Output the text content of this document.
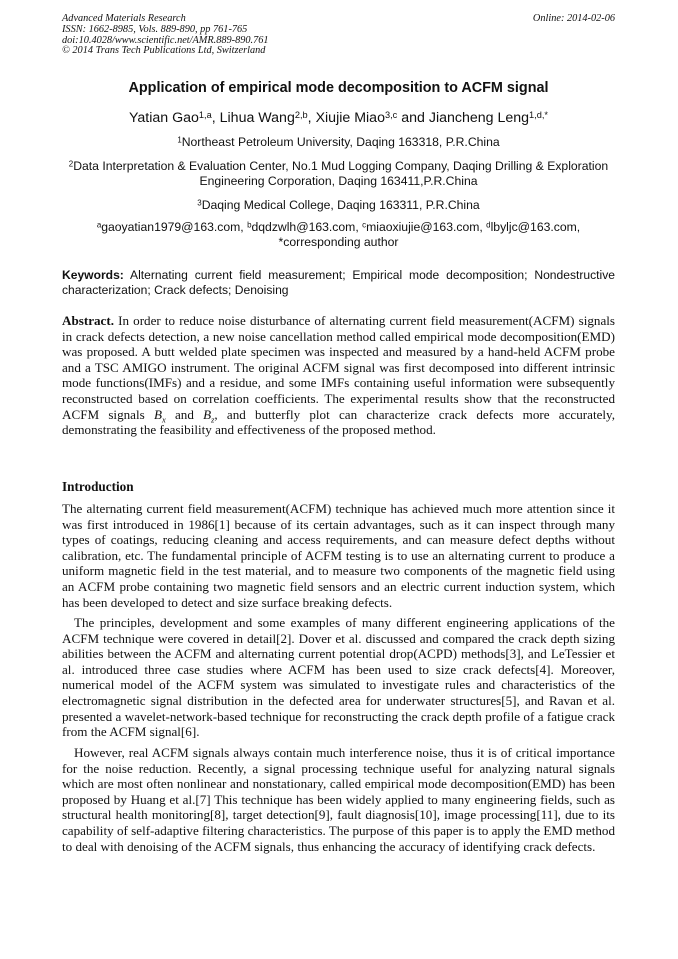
Advanced Materials Research
ISSN: 1662-8985, Vols. 889-890, pp 761-765
doi:10.4028/www.scientific.net/AMR.889-890.761
© 2014 Trans Tech Publications Ltd, Switzerland
Online: 2014-02-06
Application of empirical mode decomposition to ACFM signal
Yatian Gao$^{1,a}$, Lihua Wang$^{2,b}$, Xiujie Miao$^{3,c}$ and Jiancheng Leng$^{1,d,*}$
$^1$Northeast Petroleum University, Daqing 163318, P.R.China
$^2$Data Interpretation & Evaluation Center, No.1 Mud Logging Company, Daqing Drilling & Exploration
Engineering Corporation, Daqing 163411,P.R.China
$^3$Daqing Medical College, Daqing 163311, P.R.China
$^a$gaoyatian1979@163.com, $^b$dqdzwlh@163.com, $^c$miaoxiujie@163.com, $^d$lbyljc@163.com,
*corresponding author
Keywords: Alternating current field measurement; Empirical mode decomposition; Nondestructive characterization; Crack defects; Denoising
Abstract. In order to reduce noise disturbance of alternating current field measurement(ACFM) signals in crack defects detection, a new noise cancellation method called empirical mode decomposition(EMD) was proposed. A butt welded plate specimen was inspected and measured by a hand-held ACFM probe and a TSC AMIGO instrument. The original ACFM signal was first decomposed into different intrinsic mode functions(IMFs) and a residue, and some IMFs containing useful information were subsequently reconstructed based on correlation coefficients. The experimental results show that the reconstructed ACFM signals $B_x$ and $B_z$, and butterfly plot can characterize crack defects more accurately, demonstrating the feasibility and effectiveness of the proposed method.
Introduction
The alternating current field measurement(ACFM) technique has achieved much more attention since it was first introduced in 1986[1] because of its certain advantages, such as it can inspect through many types of coatings, reducing cleaning and access requirements, and can measure defect depths without calibration, etc. The fundamental principle of ACFM testing is to use an alternating current to produce a uniform magnetic field in the test material, and to measure two components of the magnetic field using an ACFM probe containing two magnetic field sensors and an electric current induction system, which has been developed to detect and size surface breaking defects.
The principles, development and some examples of many different engineering applications of the ACFM technique were covered in detail[2]. Dover et al. discussed and compared the crack depth sizing abilities between the ACFM and alternating current potential drop(ACPD) methods[3], and LeTessier et al. introduced three case studies where ACFM has been used to size crack defects[4]. Moreover, numerical model of the ACFM system was simulated to investigate rules and characteristics of the electromagnetic signal distribution in the defected area for underwater structures[5], and Ravan et al. presented a wavelet-network-based technique for reconstructing the crack depth profile of a fatigue crack from the ACFM signal[6].
However, real ACFM signals always contain much interference noise, thus it is of critical importance for the noise reduction. Recently, a signal processing technique useful for analyzing natural signals which are most often nonlinear and nonstationary, called empirical mode decomposition(EMD) has been proposed by Huang et al.[7] This technique has been widely applied to many engineering fields, such as structural health monitoring[8], target detection[9], fault diagnosis[10], image processing[11], due to its capability of self-adaptive filtering characteristics. The purpose of this paper is to apply the EMD method to deal with denoising of the ACFM signals, thus enhancing the accuracy of identifying crack defects.
